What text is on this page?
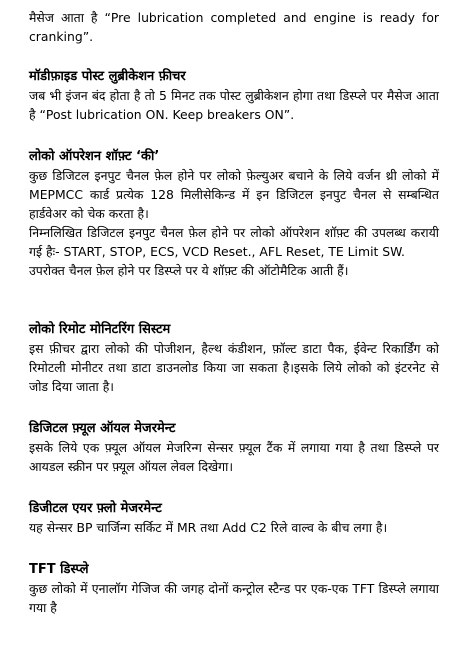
मैसेज आता है “Pre lubrication completed and engine is ready for cranking”.

मॉडीफ़ाइड पोस्ट लुब्रीकेशन फ़ीचर

जब भी इंजन बंद होता है तो 5 मिनट तक पोस्ट लुब्रीकेशन होगा तथा डिस्प्ले पर मैसेज आता है “Post lubrication ON. Keep breakers ON”.

लोको ऑपरेशन शॉफ़्ट ‘की’

कुछ डिजिटल इनपुट चैनल फ़ेल होने पर लोको फ़ेल्युअर बचाने के लिये वर्जन थ्री लोको में MEPMCC कार्ड प्रत्येक 128 मिलीसेकिन्ड में इन डिजिटल इनपुट चैनल से सम्बन्धित हार्डवेअर को चेक करता है।

निम्नलिखित डिजिटल इनपुट चैनल फ़ेल होने पर लोको ऑपरेशन शॉफ़्ट की उपलब्ध करायी गई हैः- START, STOP, ECS, VCD Reset., AFL Reset, TE Limit SW.

उपरोक्त चैनल फ़ेल होने पर डिस्प्ले पर ये शॉफ़्ट की ऑटोमैटिक आती हैं।

लोको रिमोट मोनिटरिंग सिस्टम

इस फ़ीचर द्वारा लोको की पोजीशन, हैल्थ कंडीशन, फ़ॉल्ट डाटा पैक, ईवेन्ट रिकार्डिंग को रिमोटली मोनीटर तथा डाटा डाउनलोड किया जा सकता है।इसके लिये लोको को इंटरनेट से जोड दिया जाता है।

डिजिटल फ़्यूल ऑयल मेजरमेन्ट

इसके लिये एक फ़्यूल ऑयल मेजरिन्ग सेन्सर फ़्यूल टैंक में लगाया गया है तथा डिस्प्ले पर आयडल स्क्रीन पर फ़्यूल ऑयल लेवल दिखेगा।

डिजीटल एयर फ़्लो मेजरमेन्ट

यह सेन्सर BP चार्जिन्ग सर्किट में MR तथा Add C2 रिले वाल्व के बीच लगा है।

TFT डिस्प्ले

कुछ लोको में एनालॉग गेजिज की जगह दोनों कन्ट्रोल स्टैन्ड पर एक-एक TFT डिस्प्ले लगाया गया है
